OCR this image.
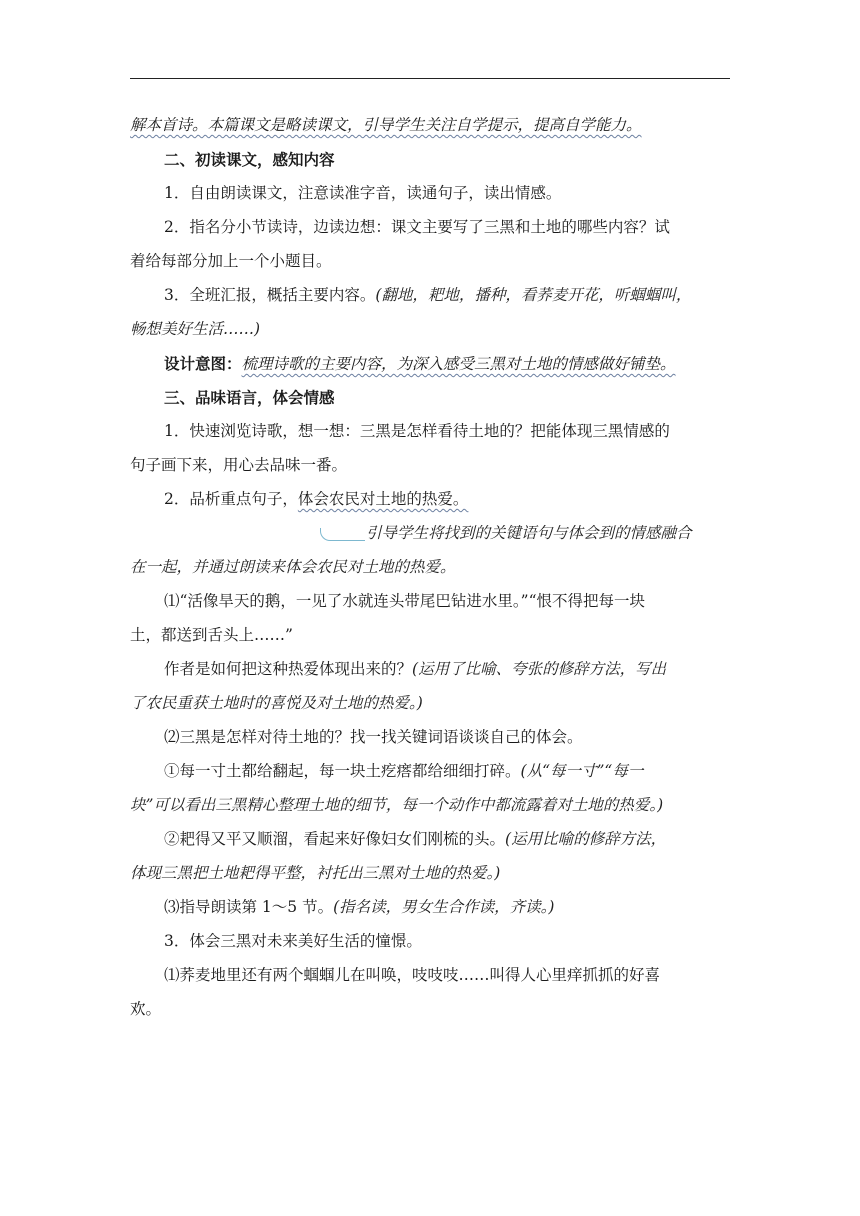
解本首诗。本篇课文是略读课文，引导学生关注自学提示，提高自学能力。
二、初读课文，感知内容
1．自由朗读课文，注意读准字音，读通句子，读出情感。
2．指名分小节读诗，边读边想：课文主要写了三黑和土地的哪些内容？试
着给每部分加上一个小题目。
3．全班汇报，概括主要内容。(翻地，耙地，播种，看荞麦开花，听蝈蝈叫，
畅想美好生活……)
设计意图：梳理诗歌的主要内容，为深入感受三黑对土地的情感做好铺垫。
三、品味语言，体会情感
1．快速浏览诗歌，想一想：三黑是怎样看待土地的？把能体现三黑情感的
句子画下来，用心去品味一番。
2．品析重点句子，体会农民对土地的热爱。
引导学生将找到的关键语句与体会到的情感融合
在一起，并通过朗读来体会农民对土地的热爱。
⑴“活像旱天的鹅，一见了水就连头带尾巴钻进水里。”“恨不得把每一块
土，都送到舌头上……”
作者是如何把这种热爱体现出来的？(运用了比喻、夸张的修辞方法，写出
了农民重获土地时的喜悦及对土地的热爱。)
⑵三黑是怎样对待土地的？找一找关键词语谈谈自己的体会。
①每一寸土都给翻起，每一块土疙瘩都给细细打碎。(从“每一寸”“每一
块”可以看出三黑精心整理土地的细节，每一个动作中都流露着对土地的热爱。)
②耙得又平又顺溜，看起来好像妇女们刚梳的头。(运用比喻的修辞方法，
体现三黑把土地耙得平整，衬托出三黑对土地的热爱。)
⑶指导朗读第 1～5 节。(指名读，男女生合作读，齐读。)
3．体会三黑对未来美好生活的憧憬。
⑴荞麦地里还有两个蝈蝈儿在叫唤，吱吱吱……叫得人心里痒抓抓的好喜
欢。
